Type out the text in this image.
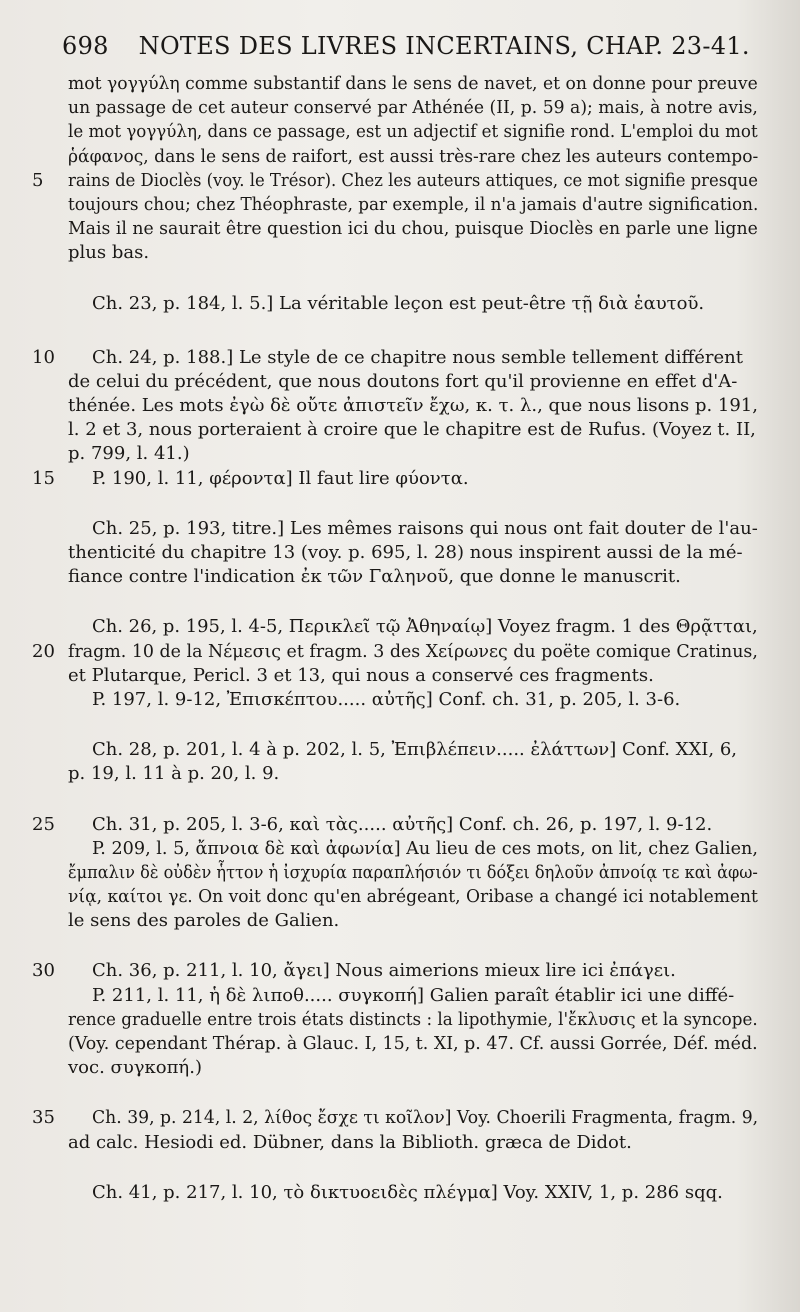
698 NOTES DES LIVRES INCERTAINS, CHAP. 23-41.
mot γογγύλη comme substantif dans le sens de navet, et on donne pour preuve
un passage de cet auteur conservé par Athénée (II, p. 59 a); mais, à notre avis,
le mot γογγύλη, dans ce passage, est un adjectif et signifie rond. L'emploi du mot
ῥάφανος, dans le sens de raifort, est aussi très-rare chez les auteurs contempo-
5	rains de Dioclès (voy. le Trésor). Chez les auteurs attiques, ce mot signifie presque
toujours chou; chez Théophraste, par exemple, il n'a jamais d'autre signification.
Mais il ne saurait être question ici du chou, puisque Dioclès en parle une ligne
plus bas.
Ch. 23, p. 184, l. 5.] La véritable leçon est peut-être τῇ διὰ ἑαυτοῦ.
10 Ch. 24, p. 188.] Le style de ce chapitre nous semble tellement différent
de celui du précédent, que nous doutons fort qu'il provienne en effet d'A-
thénée. Les mots ἐγὼ δὲ οὔτε ἀπιστεῖν ἔχω, κ. τ. λ., que nous lisons p. 191,
l. 2 et 3, nous porteraient à croire que le chapitre est de Rufus. (Voyez t. II,
p. 799, l. 41.)
15 P. 190, l. 11, φέροντα] Il faut lire φύοντα.
Ch. 25, p. 193, titre.] Les mêmes raisons qui nous ont fait douter de l'au-
thenticité du chapitre 13 (voy. p. 695, l. 28) nous inspirent aussi de la mé-
fiance contre l'indication ἐκ τῶν Γαληνοῦ, que donne le manuscrit.
Ch. 26, p. 195, l. 4-5, Περικλεῖ τῷ Ἀθηναίῳ] Voyez fragm. 1 des Θρᾷτται,
20 fragm. 10 de la Νέμεσις et fragm. 3 des Χείρωνες du poëte comique Cratinus,
et Plutarque, Pericl. 3 et 13, qui nous a conservé ces fragments.
P. 197, l. 9-12, Ἐπισκέπτου..... αὐτῆς] Conf. ch. 31, p. 205, l. 3-6.
Ch. 28, p. 201, l. 4 à p. 202, l. 5, Ἐπιβλέπειν..... ἐλάττων] Conf. XXI, 6,
p. 19, l. 11 à p. 20, l. 9.
25 Ch. 31, p. 205, l. 3-6, καὶ τὰς..... αὐτῆς] Conf. ch. 26, p. 197, l. 9-12.
P. 209, l. 5, ἄπνοια δὲ καὶ ἀφωνία] Au lieu de ces mots, on lit, chez Galien,
ἔμπαλιν δὲ οὐδὲν ἧττον ἡ ἰσχυρία παραπλήσιόν τι δόξει δηλοῦν ἀπνοίᾳ τε καὶ ἀφω-
νίᾳ, καίτοι γε. On voit donc qu'en abrégeant, Oribase a changé ici notablement
le sens des paroles de Galien.
30 Ch. 36, p. 211, l. 10, ἄγει] Nous aimerions mieux lire ici ἐπάγει.
P. 211, l. 11, ἡ δὲ λιποθ..... συγκοπή] Galien paraît établir ici une diffé-
rence graduelle entre trois états distincts : la lipothymie, l'ἔκλυσις et la syncope.
(Voy. cependant Thérap. à Glauc. I, 15, t. XI, p. 47. Cf. aussi Gorrée, Déf. méd.
voc. συγκοπή.)
35 Ch. 39, p. 214, l. 2, λίθος ἔσχε τι κοῖλον] Voy. Choerili Fragmenta, fragm. 9,
ad calc. Hesiodi ed. Dübner, dans la Biblioth. græca de Didot.
Ch. 41, p. 217, l. 10, τὸ δικτυοειδὲς πλέγμα] Voy. XXIV, 1, p. 286 sqq.
